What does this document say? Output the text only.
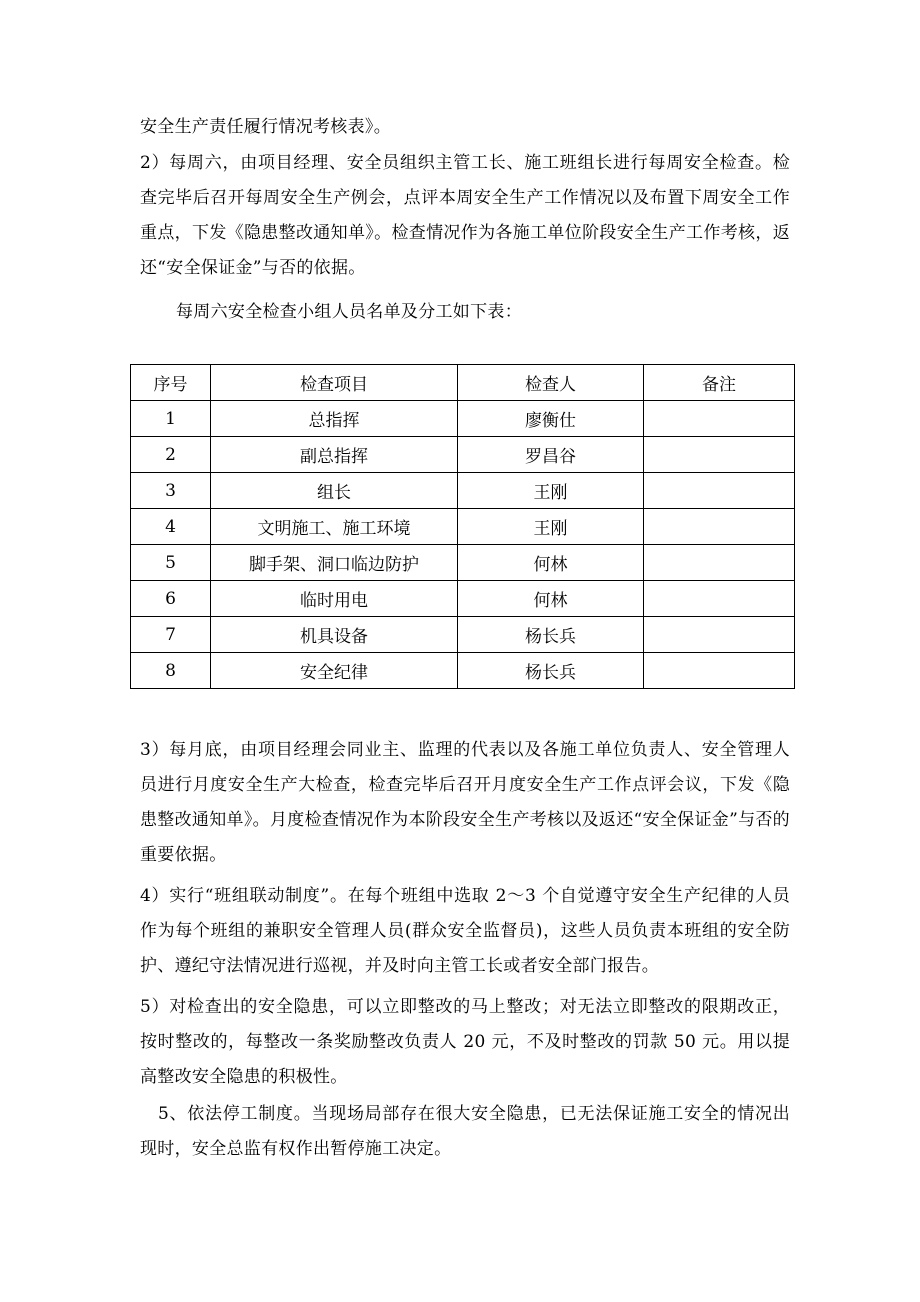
安全生产责任履行情况考核表》。

2）每周六，由项目经理、安全员组织主管工长、施工班组长进行每周安全检查。检查完毕后召开每周安全生产例会，点评本周安全生产工作情况以及布置下周安全工作重点，下发《隐患整改通知单》。检查情况作为各施工单位阶段安全生产工作考核，返还“安全保证金”与否的依据。

每周六安全检查小组人员名单及分工如下表：

序号	检查项目	检查人	备注
1	总指挥	廖衡仕	
2	副总指挥	罗昌谷	
3	组长	王刚	
4	文明施工、施工环境	王刚	
5	脚手架、洞口临边防护	何林	
6	临时用电	何林	
7	机具设备	杨长兵	
8	安全纪律	杨长兵	

3）每月底，由项目经理会同业主、监理的代表以及各施工单位负责人、安全管理人员进行月度安全生产大检查，检查完毕后召开月度安全生产工作点评会议，下发《隐患整改通知单》。月度检查情况作为本阶段安全生产考核以及返还“安全保证金”与否的重要依据。

4）实行“班组联动制度”。在每个班组中选取 2～3 个自觉遵守安全生产纪律的人员作为每个班组的兼职安全管理人员(群众安全监督员)，这些人员负责本班组的安全防护、遵纪守法情况进行巡视，并及时向主管工长或者安全部门报告。

5）对检查出的安全隐患，可以立即整改的马上整改；对无法立即整改的限期改正，按时整改的，每整改一条奖励整改负责人 20 元，不及时整改的罚款 50 元。用以提高整改安全隐患的积极性。

5、依法停工制度。当现场局部存在很大安全隐患，已无法保证施工安全的情况出现时，安全总监有权作出暂停施工决定。
